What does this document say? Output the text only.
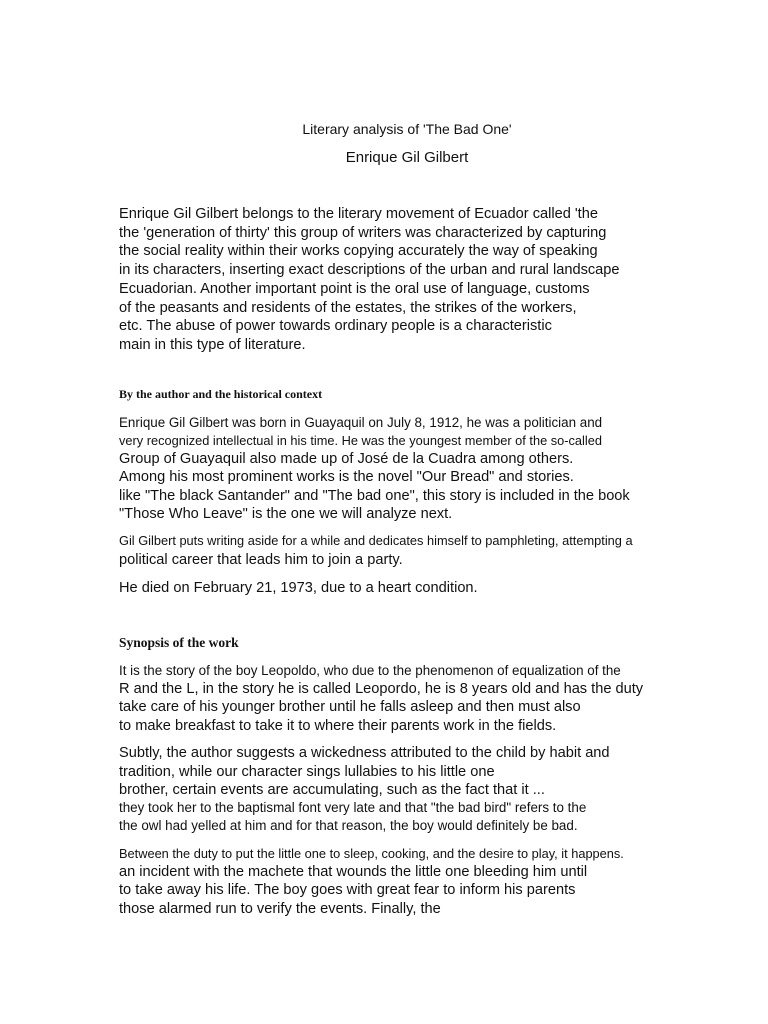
Literary analysis of 'The Bad One'
Enrique Gil Gilbert

Enrique Gil Gilbert belongs to the literary movement of Ecuador called 'the
the 'generation of thirty' this group of writers was characterized by capturing
the social reality within their works copying accurately the way of speaking
in its characters, inserting exact descriptions of the urban and rural landscape
Ecuadorian. Another important point is the oral use of language, customs
of the peasants and residents of the estates, the strikes of the workers,
etc. The abuse of power towards ordinary people is a characteristic
main in this type of literature.

By the author and the historical context
Enrique Gil Gilbert was born in Guayaquil on July 8, 1912, he was a politician and
very recognized intellectual in his time. He was the youngest member of the so-called
Group of Guayaquil also made up of José de la Cuadra among others.
Among his most prominent works is the novel "Our Bread" and stories.
like "The black Santander" and "The bad one", this story is included in the book
"Those Who Leave" is the one we will analyze next.
Gil Gilbert puts writing aside for a while and dedicates himself to pamphleting, attempting a
political career that leads him to join a party.
He died on February 21, 1973, due to a heart condition.
Synopsis of the work
It is the story of the boy Leopoldo, who due to the phenomenon of equalization of the
R and the L, in the story he is called Leopordo, he is 8 years old and has the duty
take care of his younger brother until he falls asleep and then must also
to make breakfast to take it to where their parents work in the fields.
Subtly, the author suggests a wickedness attributed to the child by habit and
tradition, while our character sings lullabies to his little one
brother, certain events are accumulating, such as the fact that it ...
they took her to the baptismal font very late and that "the bad bird" refers to the
the owl had yelled at him and for that reason, the boy would definitely be bad.
Between the duty to put the little one to sleep, cooking, and the desire to play, it happens.
an incident with the machete that wounds the little one bleeding him until
to take away his life. The boy goes with great fear to inform his parents
those alarmed run to verify the events. Finally, the
